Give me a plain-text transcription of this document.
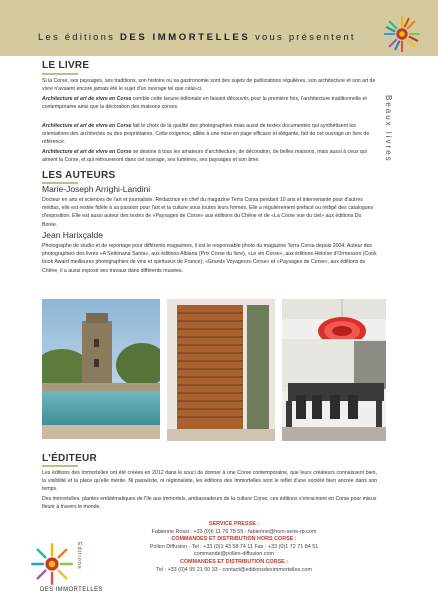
Les éditions DES IMMORTELLES vous présentent
Beaux livres
LE LIVRE

Si la Corse, ses paysages, ses traditions, son histoire ou sa gastronomie sont des sujets de publications régulières, son architecture et son art de vivre n'avaient encore jamais été le sujet d'un ouvrage tel que celui-ci.

Architecture et art de vivre en Corse comble cette lacune éditoriale en faisant découvrir, pour la première fois, l'architecture traditionnelle et contemporaine ainsi que la décoration des maisons corses.

Architecture et art de vivre en Corse fait le choix de la qualité des photographies mais aussi de textes documentés qui synthétisent les orientations des architectes ou des propriétaires. Cette exigence, alliée à une mise en page efficace et élégante, fait de cet ouvrage un livre de référence.

Architecture et art de vivre en Corse se destine à tous les amateurs d'architecture, de décoration, de belles maisons, mais aussi à ceux qui aiment la Corse, et qui retrouveront dans cet ouvrage, ses lumières, ses paysages et son âme.

LES AUTEURS
Marie-Joseph Arrighi-Landini

Docteur en arts et sciences de l'art et journaliste. Rédactrice en chef du magazine Terra Corsa pendant 10 ans et intervenante pour d'autres médias, elle est restée fidèle à sa passion pour l'art et la culture sous toutes leurs formes. Elle a régulièrement préfacé ou rédigé des catalogues d'exposition. Elle est aussi auteur des textes de «Paysages de Corse» aux éditions du Chêne et de «La Corse vue du ciel» aux éditions Du Borée.

Jean Harixçalde

Photographe de studio et de reportage pour différents magazines, il est le responsable photo du magazine Terra Corsa depuis 2004. Auteur des photographies des livres «A Settimana Santa», aux éditions Albiana (Prix Corse du livre), «Le vin Corse», aux éditions Héloïse d'Ormesson (Cook book Award meilleures photographies de vins et spiritueux de France), «Grands Voyageurs-Corse» et «Paysages de Corse», aux éditions du Chêne, il a aussi exposé ses travaux dans différents musées.

L'ÉDITEUR

Les éditions des Immortelles ont été créées en 2012 dans le souci de donner à une Corse contemporaine, que leurs créateurs connaissent bien, la visibilité et la place qu'elle mérite. Ni passéiste, ni régionaliste, les éditions des Immortelles sont le reflet d'une société bien ancrée dans son temps.

Des immortelles, plantes emblématiques de l'île aux immortels, ambassadeurs de la culture Corse, ces éditions s'enracinent en Corse pour mieux fleurir à travers le monde.

SERVICE PRESSE :
Fabienne Rossi : +33 (0)6 11 76 78 59 - fabienne@hors-serie-rp.com
COMMANDES ET DISTRIBUTION HORS CORSE :
Pollen Diffusion - Tel : +33 (0)1 43 58 74 11 Fax : +33 (0)1 72 71 84 51
commande@pollen-diffusion.com
COMMANDES ET DISTRIBUTION CORSE :
Tel : +33 (0)4 95 21 00 33 - contact@editionsdesimmortelles.com
Éditions
DES IMMORTELLES
